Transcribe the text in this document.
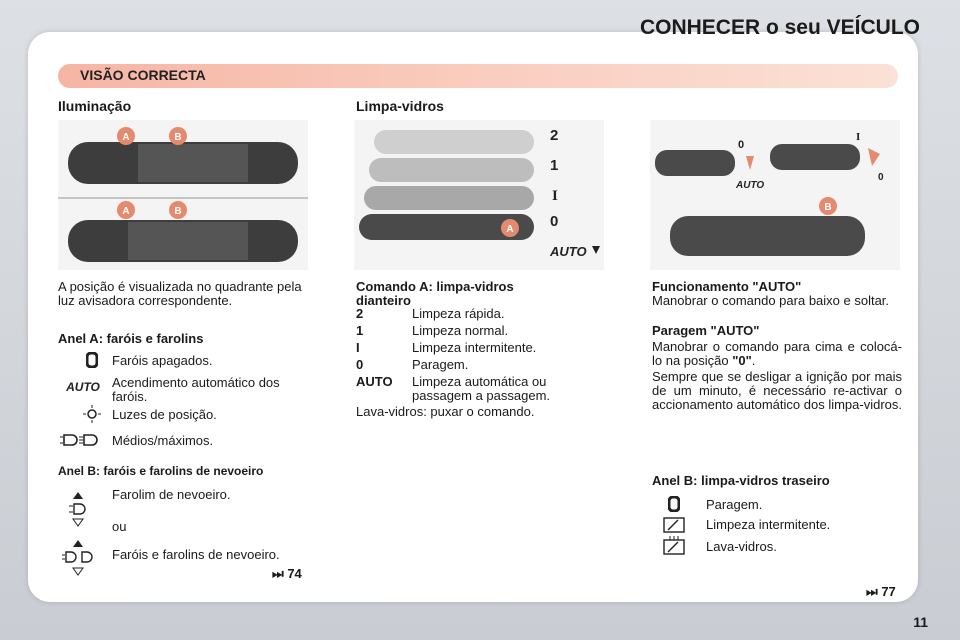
CONHECER o seu VEÍCULO
VISÃO CORRECTA
Iluminação
A	B
A	B
A posição é visualizada no quadrante pela luz avisadora correspondente.
Anel A: faróis e farolins
Faróis apagados.
AUTO Acendimento automático dos faróis.
Luzes de posição.
Médios/máximos.
Anel B: faróis e farolins de nevoeiro
Farolim de nevoeiro.
ou
Faróis e farolins de nevoeiro.
⏭ 74
Limpa-vidros
A
2
1
I
0
AUTO
Comando A: limpa-vidros dianteiro
2	Limpeza rápida.
1	Limpeza normal.
I	Limpeza intermitente.
0	Paragem.
AUTO Limpeza automática ou passagem a passagem.
Lava-vidros: puxar o comando.
0
AUTO
I
0
B
Funcionamento "AUTO"
Manobrar o comando para baixo e soltar.
Paragem "AUTO"
Manobrar o comando para cima e colocá-lo na posição "0".
Sempre que se desligar a ignição por mais de um minuto, é necessário re-activar o accionamento automático dos limpa-vidros.
Anel B: limpa-vidros traseiro
Paragem.
Limpeza intermitente.
Lava-vidros.
⏭ 77
11
